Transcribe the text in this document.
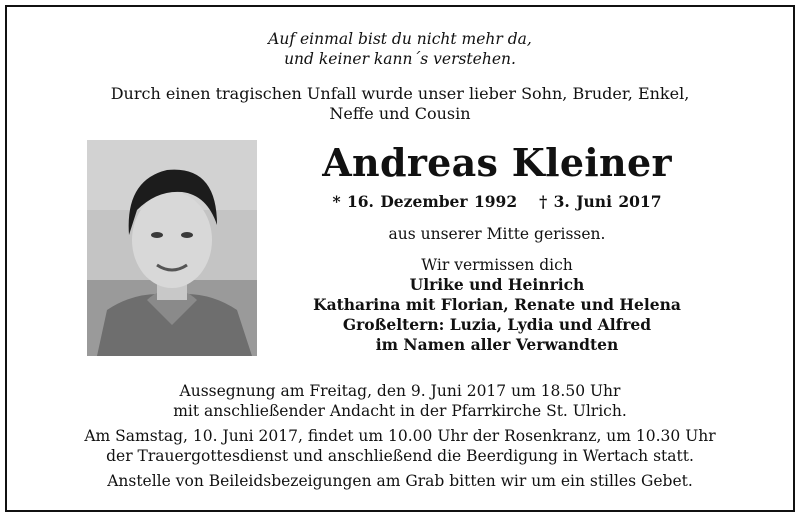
Auf einmal bist du nicht mehr da,
und keiner kann´s verstehen.
Durch einen tragischen Unfall wurde unser lieber Sohn, Bruder, Enkel,
Neffe und Cousin
Andreas Kleiner
* 16. Dezember 1992 † 3. Juni 2017
aus unserer Mitte gerissen.
Wir vermissen dich
Ulrike und Heinrich
Katharina mit Florian, Renate und Helena
Großeltern: Luzia, Lydia und Alfred
im Namen aller Verwandten
Aussegnung am Freitag, den 9. Juni 2017 um 18.50 Uhr
mit anschließender Andacht in der Pfarrkirche St. Ulrich.
Am Samstag, 10. Juni 2017, findet um 10.00 Uhr der Rosenkranz, um 10.30 Uhr
der Trauergottesdienst und anschließend die Beerdigung in Wertach statt.
Anstelle von Beileidsbezeigungen am Grab bitten wir um ein stilles Gebet.
